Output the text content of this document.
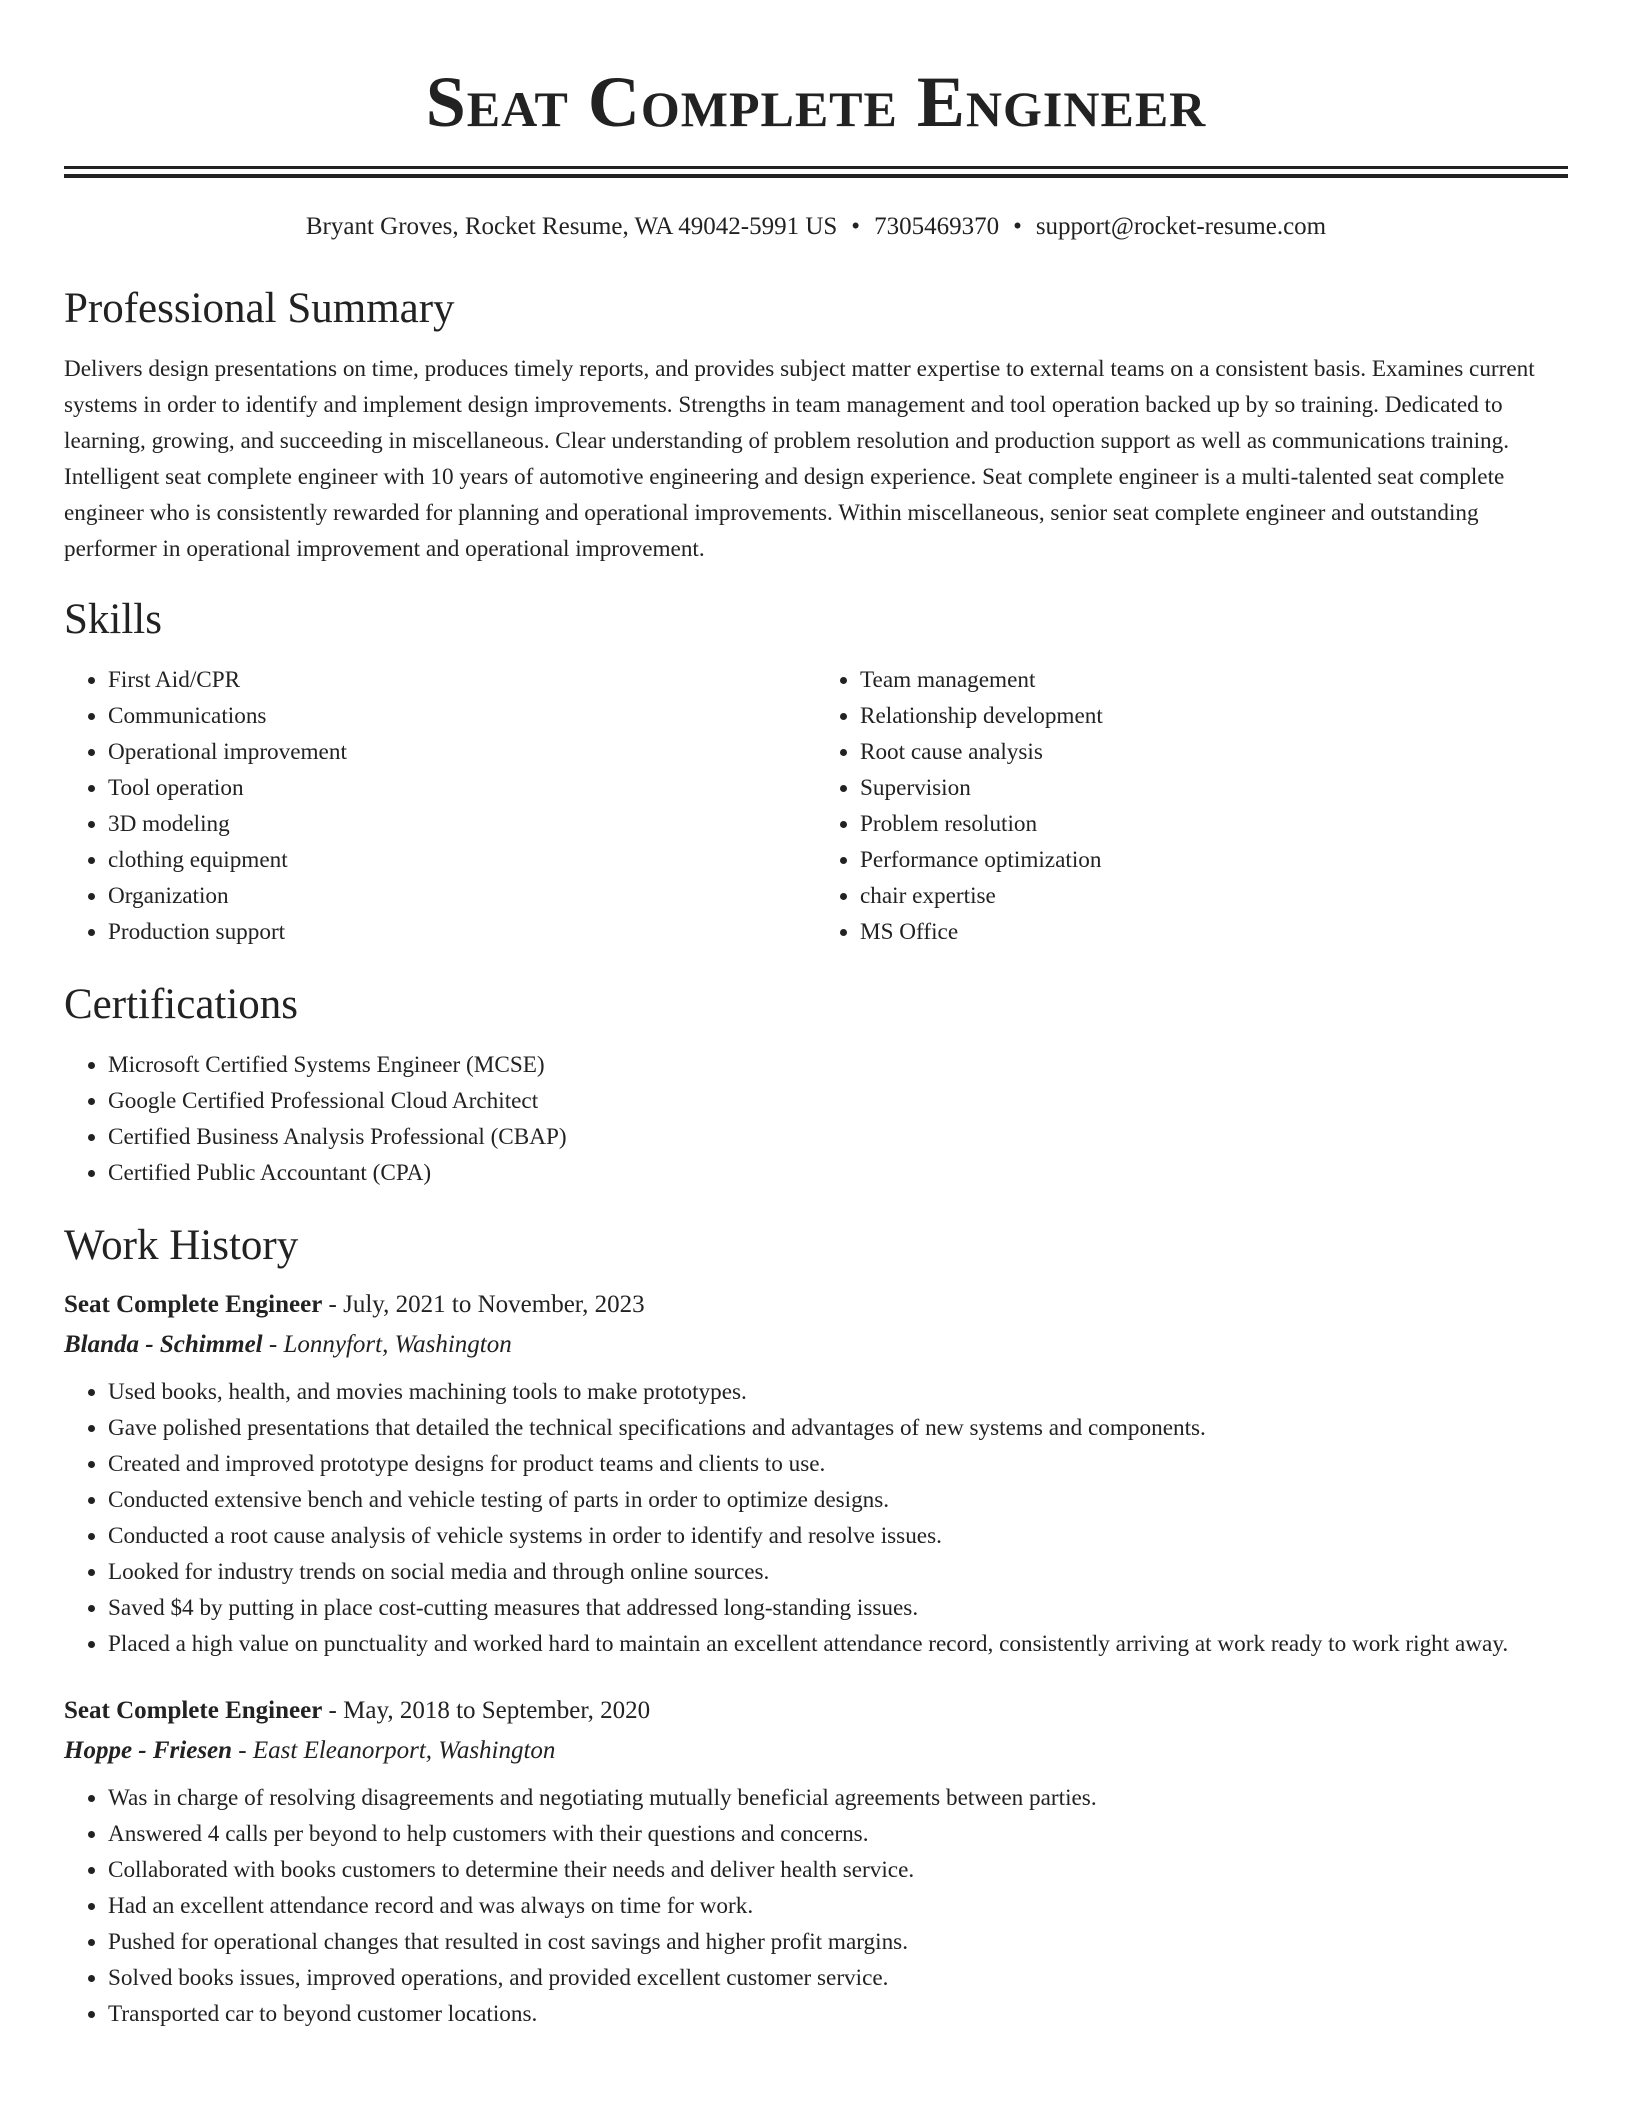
Seat Complete Engineer
Bryant Groves, Rocket Resume, WA 49042-5991 US • 7305469370 • support@rocket-resume.com
Professional Summary
Delivers design presentations on time, produces timely reports, and provides subject matter expertise to external teams on a consistent basis. Examines current systems in order to identify and implement design improvements. Strengths in team management and tool operation backed up by so training. Dedicated to learning, growing, and succeeding in miscellaneous. Clear understanding of problem resolution and production support as well as communications training. Intelligent seat complete engineer with 10 years of automotive engineering and design experience. Seat complete engineer is a multi-talented seat complete engineer who is consistently rewarded for planning and operational improvements. Within miscellaneous, senior seat complete engineer and outstanding performer in operational improvement and operational improvement.
Skills
• First Aid/CPR
• Communications
• Operational improvement
• Tool operation
• 3D modeling
• clothing equipment
• Organization
• Production support
• Team management
• Relationship development
• Root cause analysis
• Supervision
• Problem resolution
• Performance optimization
• chair expertise
• MS Office
Certifications
• Microsoft Certified Systems Engineer (MCSE)
• Google Certified Professional Cloud Architect
• Certified Business Analysis Professional (CBAP)
• Certified Public Accountant (CPA)
Work History
Seat Complete Engineer - July, 2021 to November, 2023
Blanda - Schimmel - Lonnyfort, Washington
• Used books, health, and movies machining tools to make prototypes.
• Gave polished presentations that detailed the technical specifications and advantages of new systems and components.
• Created and improved prototype designs for product teams and clients to use.
• Conducted extensive bench and vehicle testing of parts in order to optimize designs.
• Conducted a root cause analysis of vehicle systems in order to identify and resolve issues.
• Looked for industry trends on social media and through online sources.
• Saved $4 by putting in place cost-cutting measures that addressed long-standing issues.
• Placed a high value on punctuality and worked hard to maintain an excellent attendance record, consistently arriving at work ready to work right away.
Seat Complete Engineer - May, 2018 to September, 2020
Hoppe - Friesen - East Eleanorport, Washington
• Was in charge of resolving disagreements and negotiating mutually beneficial agreements between parties.
• Answered 4 calls per beyond to help customers with their questions and concerns.
• Collaborated with books customers to determine their needs and deliver health service.
• Had an excellent attendance record and was always on time for work.
• Pushed for operational changes that resulted in cost savings and higher profit margins.
• Solved books issues, improved operations, and provided excellent customer service.
• Transported car to beyond customer locations.
